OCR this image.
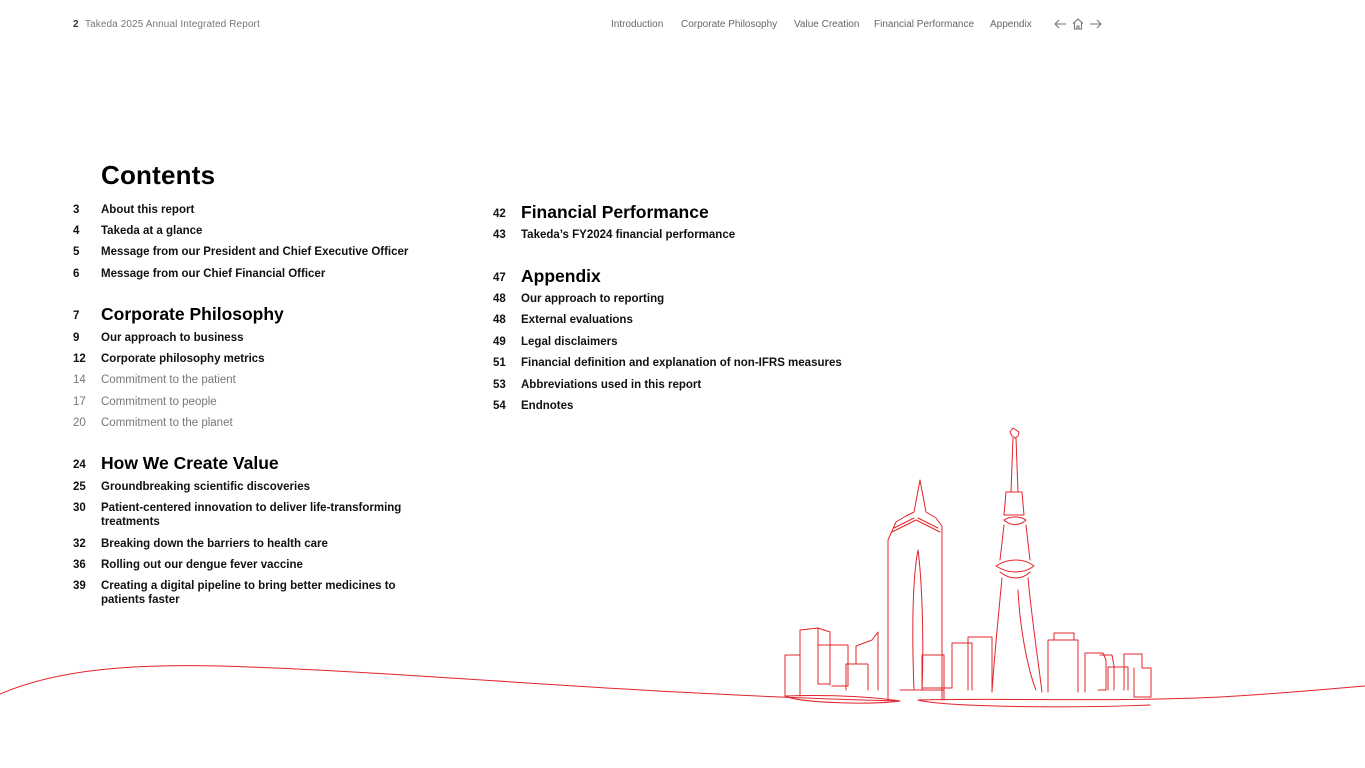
2 Takeda 2025 Annual Integrated Report	Introduction Corporate Philosophy Value Creation Financial Performance Appendix
Contents
3 About this report
4 Takeda at a glance
5 Message from our President and Chief Executive Officer
6 Message from our Chief Financial Officer
7 Corporate Philosophy
9 Our approach to business
12 Corporate philosophy metrics
14 Commitment to the patient
17 Commitment to people
20 Commitment to the planet
24 How We Create Value
25 Groundbreaking scientific discoveries
30 Patient-centered innovation to deliver life-transforming
treatments
32 Breaking down the barriers to health care
36 Rolling out our dengue fever vaccine
39 Creating a digital pipeline to bring better medicines to
patients faster
42 Financial Performance
43 Takeda’s FY2024 financial performance
47 Appendix
48 Our approach to reporting
48 External evaluations
49 Legal disclaimers
51 Financial definition and explanation of non-IFRS measures
53 Abbreviations used in this report
54 Endnotes
